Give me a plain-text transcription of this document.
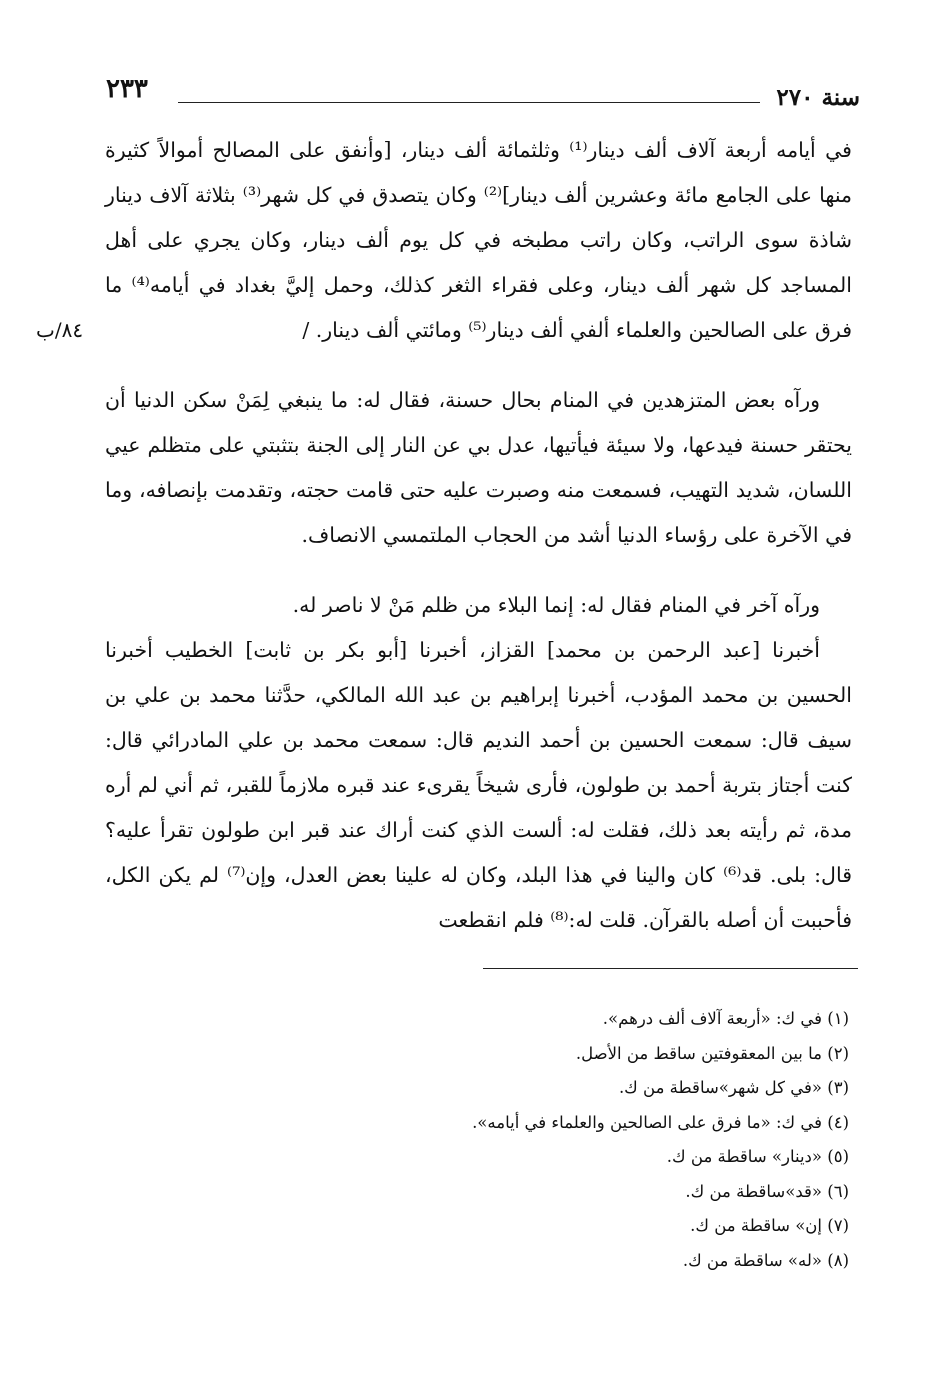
٢٣٣	سنة ٢٧٠

في أيامه أربعة آلاف ألف دينار⁽¹⁾ وثلثمائة ألف دينار، [وأنفق على المصالح أموالاً كثيرة منها على الجامع مائة وعشرين ألف دينار]⁽²⁾ وكان يتصدق في كل شهر⁽³⁾ بثلاثة آلاف دينار شاذة سوى الراتب، وكان راتب مطبخه في كل يوم ألف دينار، وكان يجري على أهل المساجد كل شهر ألف دينار، وعلى فقراء الثغر كذلك، وحمل إليَّ بغداد في أيامه⁽⁴⁾ ما فرق على الصالحين والعلماء ألفي ألف دينار⁽⁵⁾ ومائتي ألف دينار. /

٨٤/ب

ورآه بعض المتزهدين في المنام بحال حسنة، فقال له: ما ينبغي لِمَنْ سكن الدنيا أن يحتقر حسنة فيدعها، ولا سيئة فيأتيها، عدل بي عن النار إلى الجنة بتثبتي على متظلم عيي اللسان، شديد التهيب، فسمعت منه وصبرت عليه حتى قامت حجته، وتقدمت بإنصافه، وما في الآخرة على رؤساء الدنيا أشد من الحجاب الملتمسي الانصاف.

ورآه آخر في المنام فقال له: إنما البلاء من ظلم مَنْ لا ناصر له.

أخبرنا [عبد الرحمن بن محمد] القزاز، أخبرنا [أبو بكر بن ثابت] الخطيب أخبرنا الحسين بن محمد المؤدب، أخبرنا إبراهيم بن عبد الله المالكي، حدَّثنا محمد بن علي بن سيف قال: سمعت الحسين بن أحمد النديم قال: سمعت محمد بن علي المادرائي قال: كنت أجتاز بتربة أحمد بن طولون، فأرى شيخاً يقرىء عند قبره ملازماً للقبر، ثم أني لم أره مدة، ثم رأيته بعد ذلك، فقلت له: ألست الذي كنت أراك عند قبر ابن طولون تقرأ عليه؟ قال: بلى. قد⁽⁶⁾ كان والينا في هذا البلد، وكان له علينا بعض العدل، وإن⁽⁷⁾ لم يكن الكل، فأحببت أن أصله بالقرآن. قلت له:⁽⁸⁾ فلم انقطعت

(١) في ك: «أربعة آلاف ألف درهم».
(٢) ما بين المعقوفتين ساقط من الأصل.
(٣) «في كل شهر»ساقطة من ك.
(٤) في ك: «ما فرق على الصالحين والعلماء في أيامه».
(٥) «دينار» ساقطة من ك.
(٦) «قد»ساقطة من ك.
(٧) إن» ساقطة من ك.
(٨) «له» ساقطة من ك.
